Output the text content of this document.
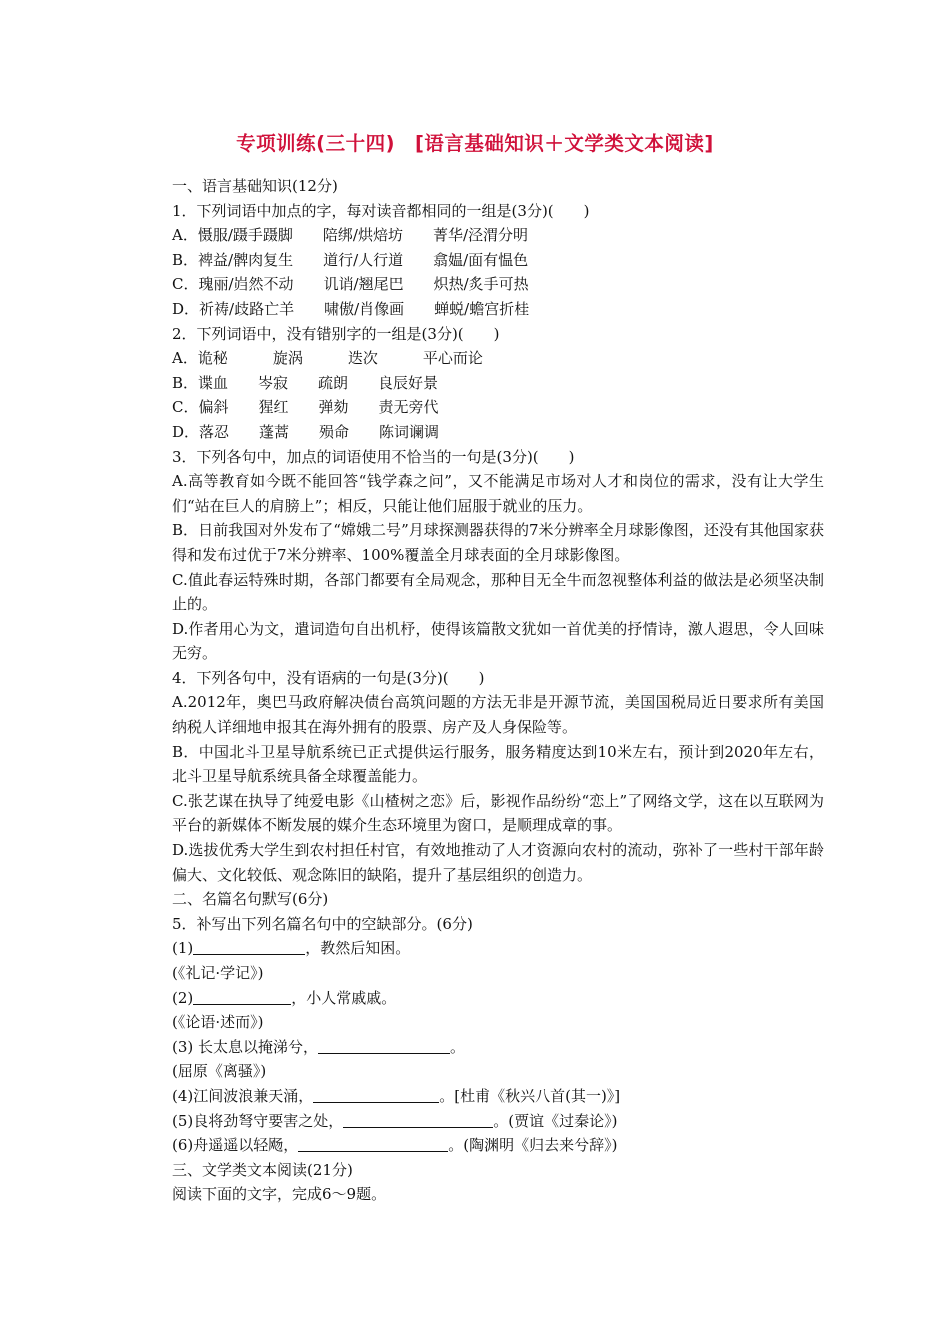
专项训练(三十四)　[语言基础知识＋文学类文本阅读]
一、语言基础知识(12分)
1．下列词语中加点的字，每对读音都相同的一组是(3分)(　　)
A．慑服/蹑手蹑脚　　陪绑/烘焙坊　　菁华/泾渭分明
B．裨益/髀肉复生　　道行/人行道　　翕媪/面有愠色
C．瑰丽/岿然不动　　讥诮/翘尾巴　　炽热/炙手可热
D．祈祷/歧路亡羊　　啸傲/肖像画　　蝉蜕/蟾宫折桂
2．下列词语中，没有错别字的一组是(3分)(　　)
A．诡秘　　　旋涡　　　迭次　　　平心而论
B．谍血　　岑寂　　疏朗　　良辰好景
C．偏斜　　猩红　　弹劾　　责无旁代
D．落忍　　蓬蒿　　殒命　　陈词谰调
3．下列各句中，加点的词语使用不恰当的一句是(3分)(　　)
A.高等教育如今既不能回答“钱学森之问”，又不能满足市场对人才和岗位的需求，没有让大学生们“站在巨人的肩膀上”；相反，只能让他们屈服于就业的压力。
B．日前我国对外发布了“嫦娥二号”月球探测器获得的7米分辨率全月球影像图，还没有其他国家获得和发布过优于7米分辨率、100%覆盖全月球表面的全月球影像图。
C.值此春运特殊时期，各部门都要有全局观念，那种目无全牛而忽视整体利益的做法是必须坚决制止的。
D.作者用心为文，遣词造句自出机杼，使得该篇散文犹如一首优美的抒情诗，激人遐思，令人回味无穷。
4．下列各句中，没有语病的一句是(3分)(　　)
A.2012年，奥巴马政府解决债台高筑问题的方法无非是开源节流，美国国税局近日要求所有美国纳税人详细地申报其在海外拥有的股票、房产及人身保险等。
B．中国北斗卫星导航系统已正式提供运行服务，服务精度达到10米左右，预计到2020年左右，北斗卫星导航系统具备全球覆盖能力。
C.张艺谋在执导了纯爱电影《山楂树之恋》后，影视作品纷纷“恋上”了网络文学，这在以互联网为平台的新媒体不断发展的媒介生态环境里为窗口，是顺理成章的事。
D.选拔优秀大学生到农村担任村官，有效地推动了人才资源向农村的流动，弥补了一些村干部年龄偏大、文化较低、观念陈旧的缺陷，提升了基层组织的创造力。
二、名篇名句默写(6分)
5．补写出下列名篇名句中的空缺部分。(6分)
(1)	，教然后知困。
(《礼记·学记》)
(2)	，小人常戚戚。
(《论语·述而》)
(3) 长太息以掩涕兮，	。
(屈原《离骚》)
(4)江间波浪兼天涌，	。[杜甫《秋兴八首(其一)》]
(5)良将劲弩守要害之处，	。(贾谊《过秦论》)
(6)舟遥遥以轻飏，	。(陶渊明《归去来兮辞》)
三、文学类文本阅读(21分)
阅读下面的文字，完成6～9题。
